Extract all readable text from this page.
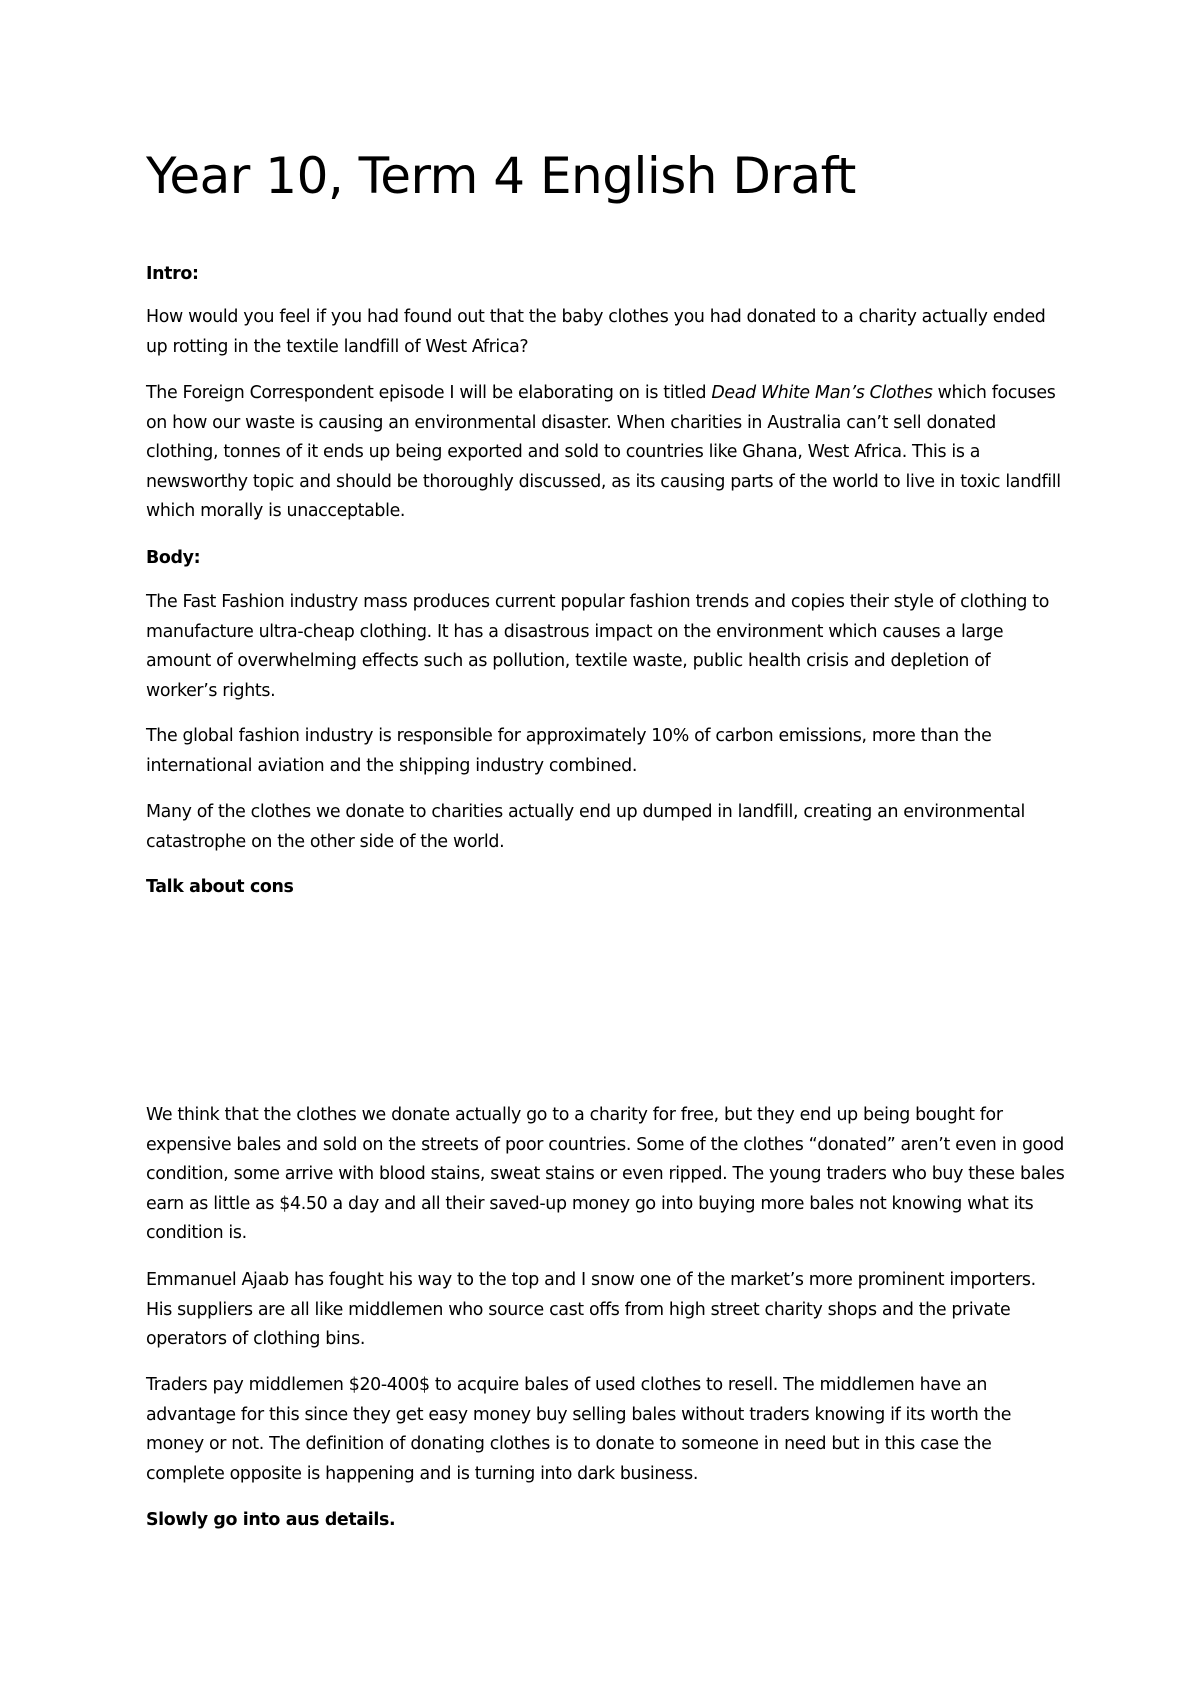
Year 10, Term 4 English Draft

Intro:

How would you feel if you had found out that the baby clothes you had donated to a charity actually ended up rotting in the textile landfill of West Africa?

The Foreign Correspondent episode I will be elaborating on is titled Dead White Man’s Clothes which focuses on how our waste is causing an environmental disaster. When charities in Australia can’t sell donated clothing, tonnes of it ends up being exported and sold to countries like Ghana, West Africa. This is a newsworthy topic and should be thoroughly discussed, as its causing parts of the world to live in toxic landfill which morally is unacceptable.

Body:

The Fast Fashion industry mass produces current popular fashion trends and copies their style of clothing to manufacture ultra-cheap clothing. It has a disastrous impact on the environment which causes a large amount of overwhelming effects such as pollution, textile waste, public health crisis and depletion of worker’s rights.

The global fashion industry is responsible for approximately 10% of carbon emissions, more than the international aviation and the shipping industry combined.

Many of the clothes we donate to charities actually end up dumped in landfill, creating an environmental catastrophe on the other side of the world.

Talk about cons

We think that the clothes we donate actually go to a charity for free, but they end up being bought for expensive bales and sold on the streets of poor countries. Some of the clothes “donated” aren’t even in good condition, some arrive with blood stains, sweat stains or even ripped. The young traders who buy these bales earn as little as $4.50 a day and all their saved-up money go into buying more bales not knowing what its condition is.

Emmanuel Ajaab has fought his way to the top and I snow one of the market’s more prominent importers. His suppliers are all like middlemen who source cast offs from high street charity shops and the private operators of clothing bins.

Traders pay middlemen $20-400$ to acquire bales of used clothes to resell. The middlemen have an advantage for this since they get easy money buy selling bales without traders knowing if its worth the money or not. The definition of donating clothes is to donate to someone in need but in this case the complete opposite is happening and is turning into dark business.

Slowly go into aus details.
